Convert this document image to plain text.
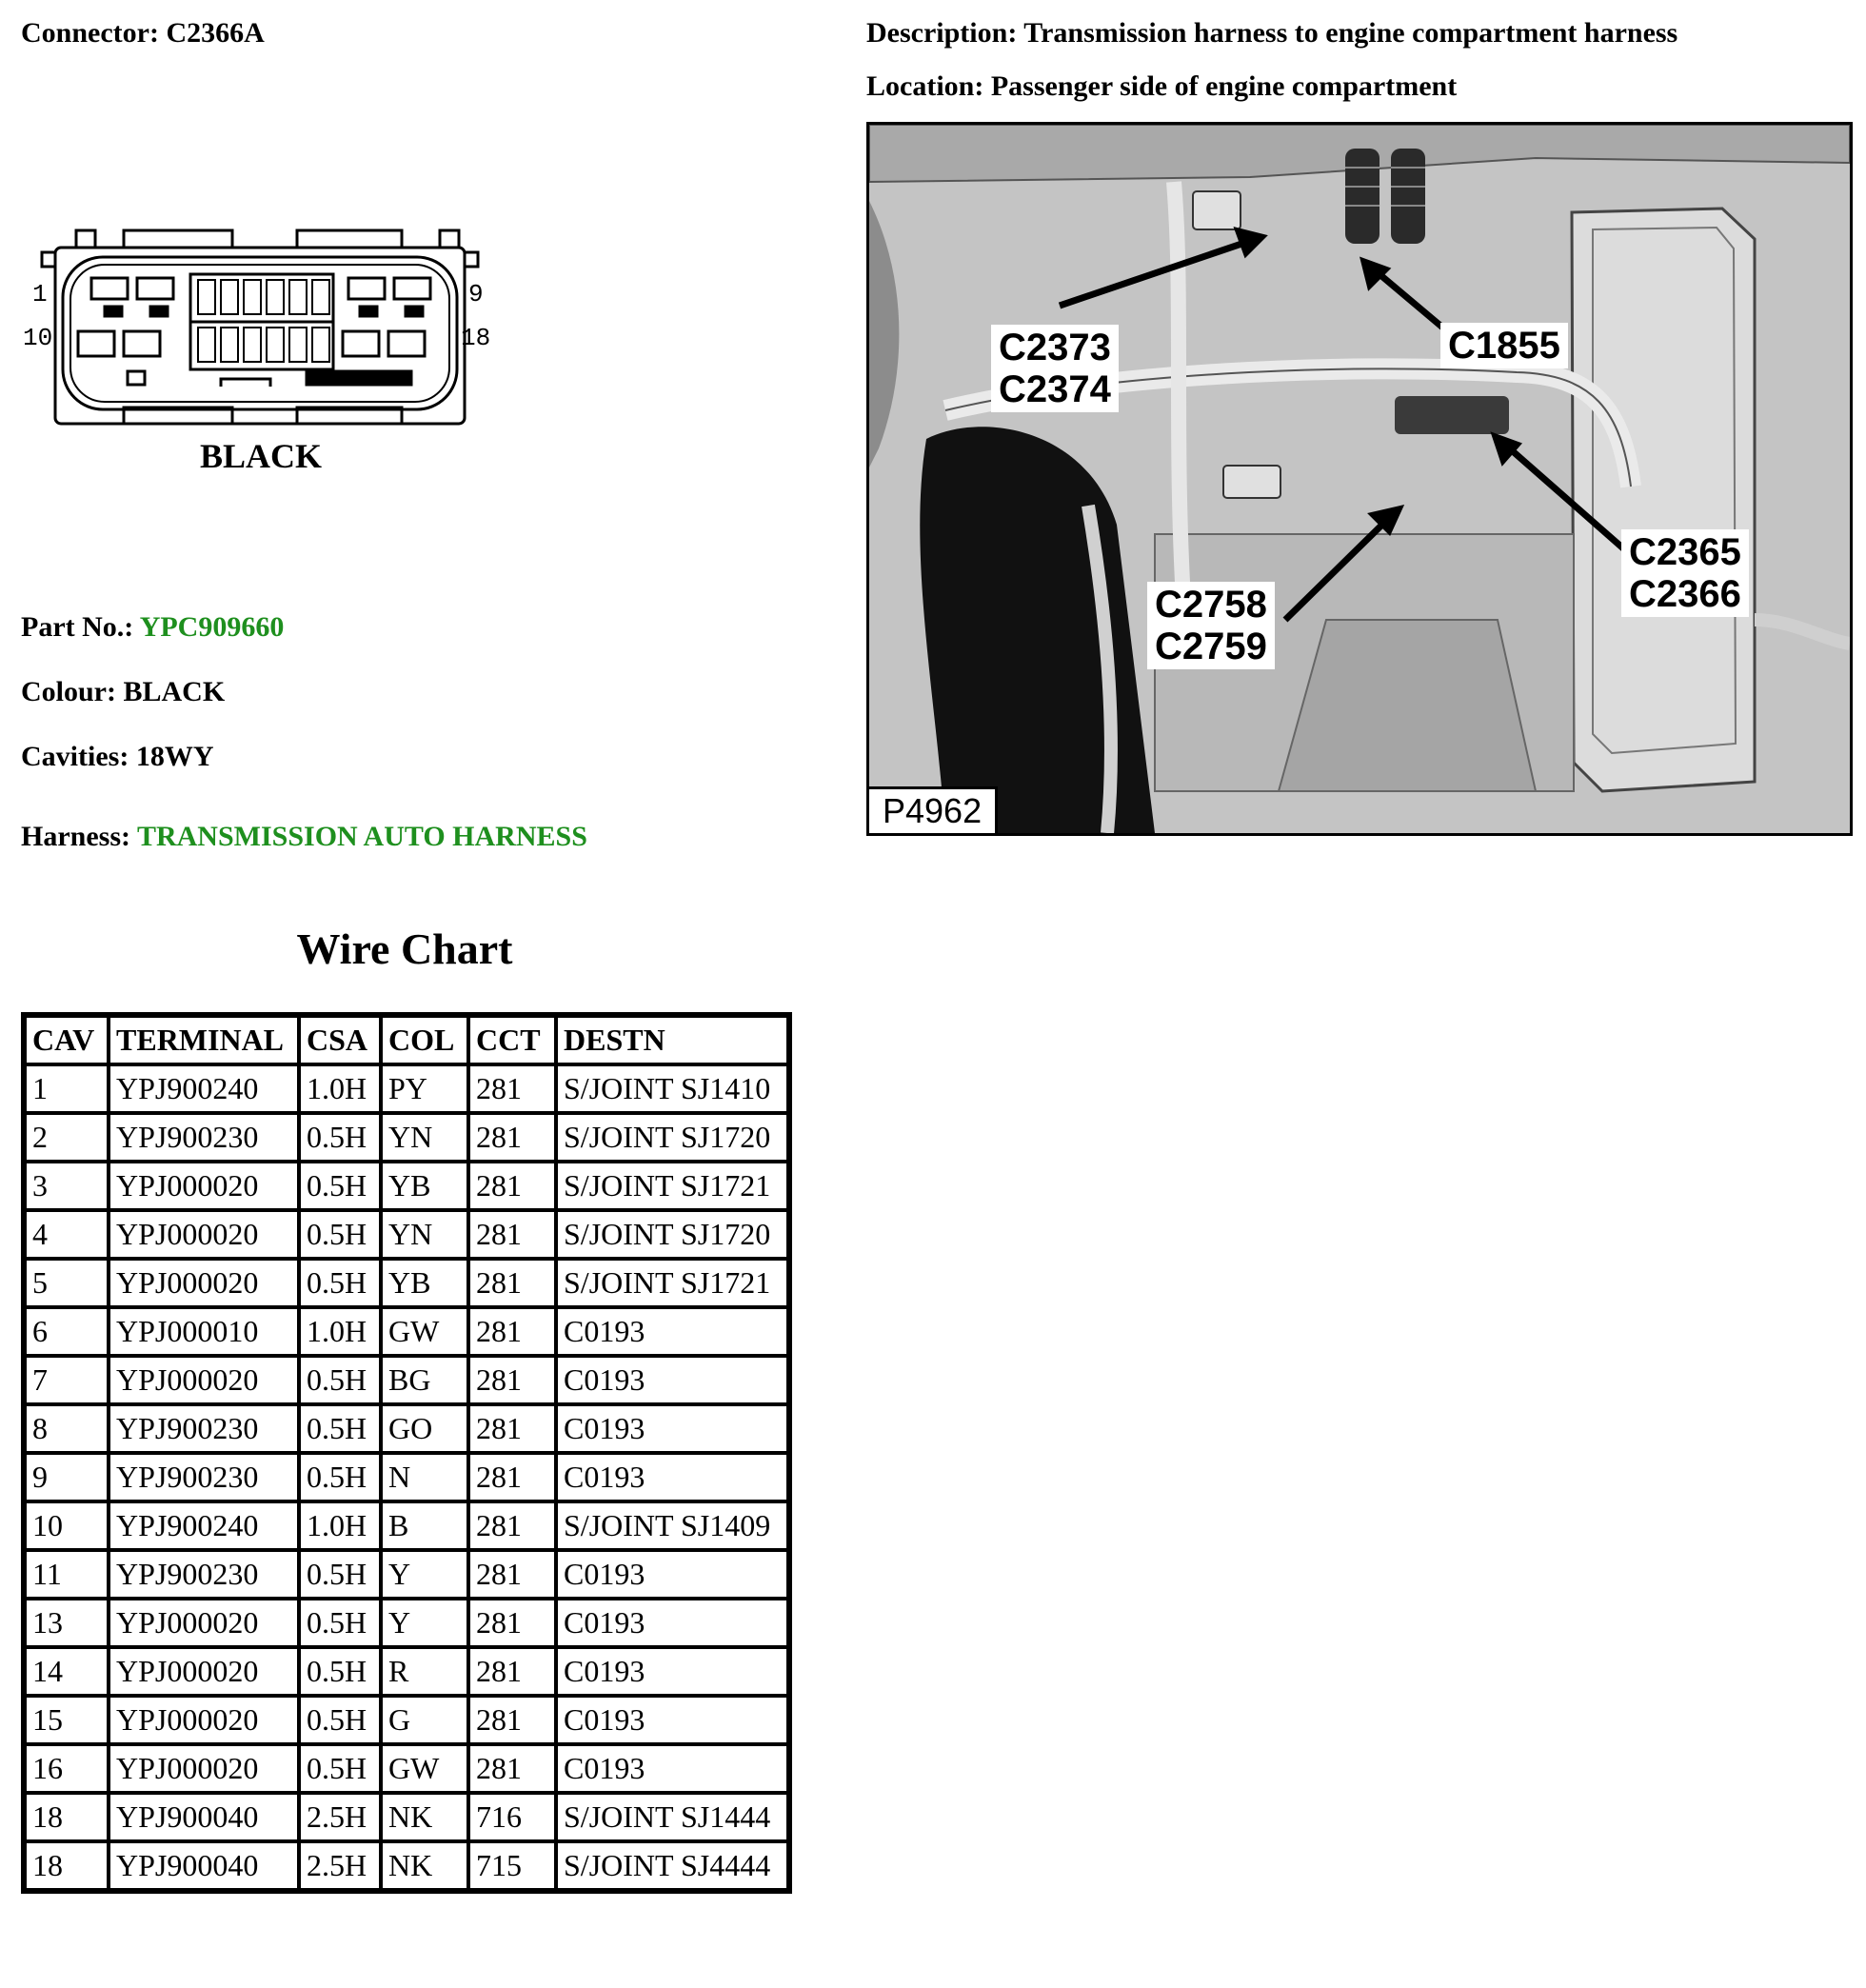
Connector: C2366A	Description: Transmission harness to engine compartment harness
Location: Passenger side of engine compartment
1	9
10	18
BLACK
Part No.: YPC909660
Colour: BLACK
Cavities: 18WY
Harness: TRANSMISSION AUTO HARNESS
C2373
C2374
C1855
C2365
C2366
C2758
C2759
P4962
Wire Chart
CAV	TERMINAL	CSA	COL	CCT	DESTN
1	YPJ900240	1.0H	PY	281	S/JOINT SJ1410
2	YPJ900230	0.5H	YN	281	S/JOINT SJ1720
3	YPJ000020	0.5H	YB	281	S/JOINT SJ1721
4	YPJ000020	0.5H	YN	281	S/JOINT SJ1720
5	YPJ000020	0.5H	YB	281	S/JOINT SJ1721
6	YPJ000010	1.0H	GW	281	C0193
7	YPJ000020	0.5H	BG	281	C0193
8	YPJ900230	0.5H	GO	281	C0193
9	YPJ900230	0.5H	N	281	C0193
10	YPJ900240	1.0H	B	281	S/JOINT SJ1409
11	YPJ900230	0.5H	Y	281	C0193
13	YPJ000020	0.5H	Y	281	C0193
14	YPJ000020	0.5H	R	281	C0193
15	YPJ000020	0.5H	G	281	C0193
16	YPJ000020	0.5H	GW	281	C0193
18	YPJ900040	2.5H	NK	716	S/JOINT SJ1444
18	YPJ900040	2.5H	NK	715	S/JOINT SJ4444
